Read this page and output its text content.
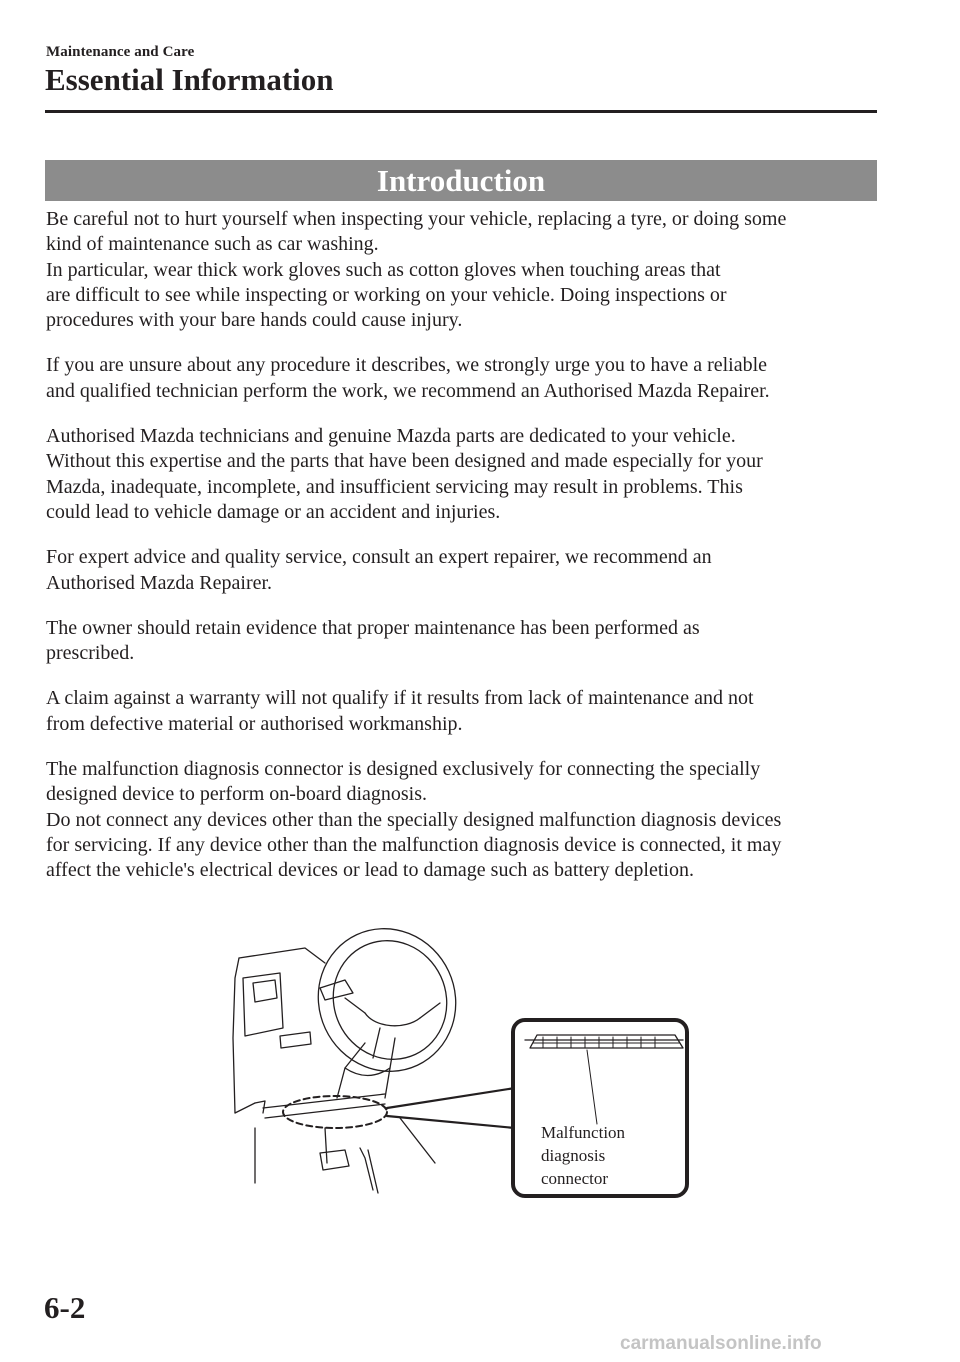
Maintenance and Care
Essential Information
Introduction

Be careful not to hurt yourself when inspecting your vehicle, replacing a tyre, or doing some
kind of maintenance such as car washing.
In particular, wear thick work gloves such as cotton gloves when touching areas that
are difficult to see while inspecting or working on your vehicle. Doing inspections or
procedures with your bare hands could cause injury.

If you are unsure about any procedure it describes, we strongly urge you to have a reliable
and qualified technician perform the work, we recommend an Authorised Mazda Repairer.

Authorised Mazda technicians and genuine Mazda parts are dedicated to your vehicle.
Without this expertise and the parts that have been designed and made especially for your
Mazda, inadequate, incomplete, and insufficient servicing may result in problems. This
could lead to vehicle damage or an accident and injuries.

For expert advice and quality service, consult an expert repairer, we recommend an
Authorised Mazda Repairer.

The owner should retain evidence that proper maintenance has been performed as
prescribed.

A claim against a warranty will not qualify if it results from lack of maintenance and not
from defective material or authorised workmanship.

The malfunction diagnosis connector is designed exclusively for connecting the specially
designed device to perform on-board diagnosis.
Do not connect any devices other than the specially designed malfunction diagnosis devices
for servicing. If any device other than the malfunction diagnosis device is connected, it may
affect the vehicle's electrical devices or lead to damage such as battery depletion.

Malfunction
diagnosis
connector
6-2
carmanualsonline.info
